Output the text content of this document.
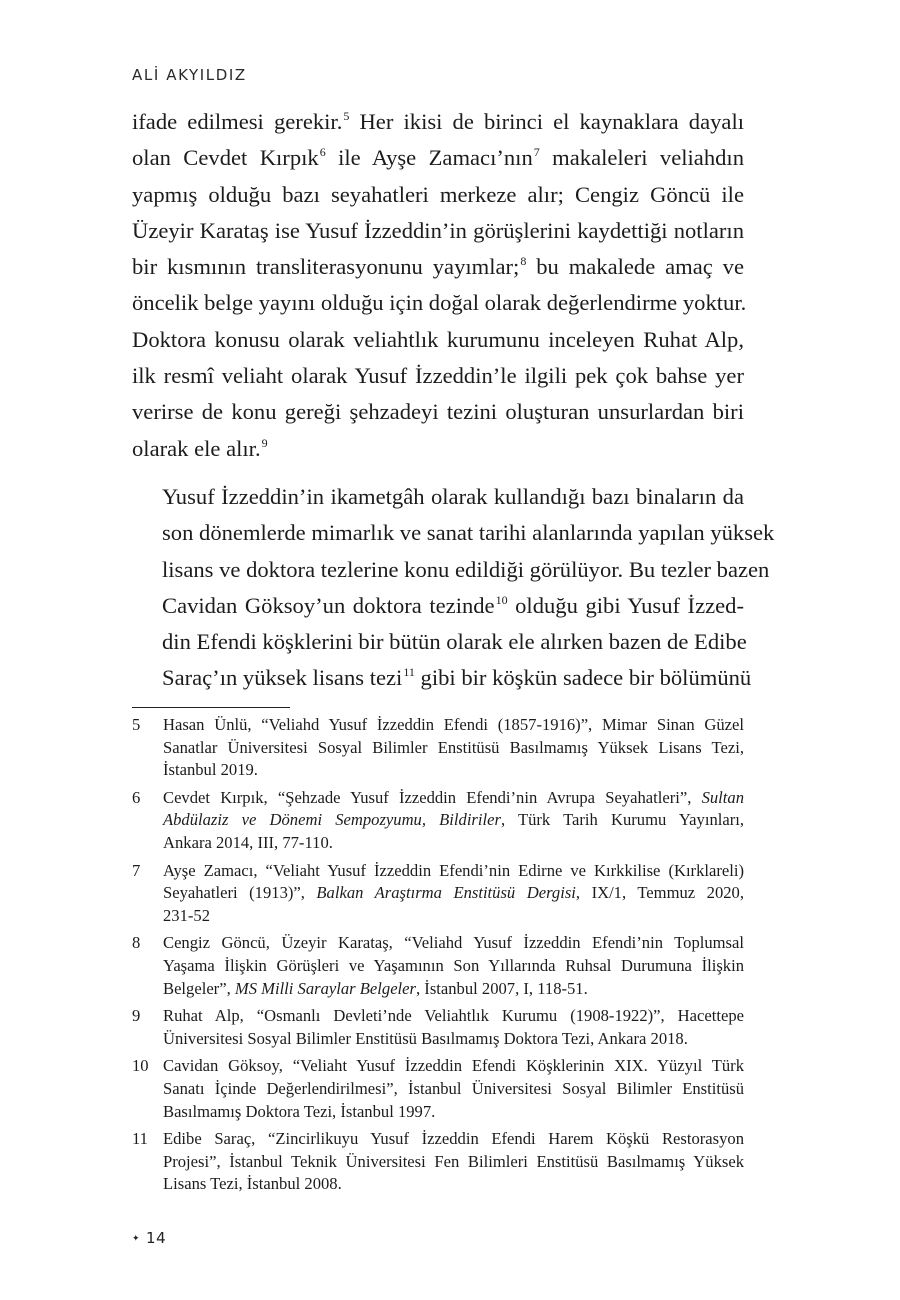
ALİ AKYILDIZ

ifade edilmesi gerekir.$^5$ Her ikisi de birinci el kaynaklara dayalı
olan Cevdet Kırpık$^6$ ile Ayşe Zamacı’nın$^7$ makaleleri veliahdın
yapmış olduğu bazı seyahatleri merkeze alır; Cengiz Göncü ile
Üzeyir Karataş ise Yusuf İzzeddin’in görüşlerini kaydettiği notların
bir kısmının transliterasyonunu yayımlar;$^8$ bu makalede amaç ve
öncelik belge yayını olduğu için doğal olarak değerlendirme yoktur.
Doktora konusu olarak veliahtlık kurumunu inceleyen Ruhat Alp,
ilk resmî veliaht olarak Yusuf İzzeddin’le ilgili pek çok bahse yer
verirse de konu gereği şehzadeyi tezini oluşturan unsurlardan biri
olarak ele alır.$^9$

Yusuf İzzeddin’in ikametgâh olarak kullandığı bazı binaların da
son dönemlerde mimarlık ve sanat tarihi alanlarında yapılan yüksek
lisans ve doktora tezlerine konu edildiği görülüyor. Bu tezler bazen
Cavidan Göksoy’un doktora tezinde$^{10}$ olduğu gibi Yusuf İzzed-
din Efendi köşklerini bir bütün olarak ele alırken bazen de Edibe
Saraç’ın yüksek lisans tezi$^{11}$ gibi bir köşkün sadece bir bölümünü

5 Hasan Ünlü, “Veliahd Yusuf İzzeddin Efendi (1857-1916)”, Mimar Sinan Güzel
Sanatlar Üniversitesi Sosyal Bilimler Enstitüsü Basılmamış Yüksek Lisans Tezi,
İstanbul 2019.
6 Cevdet Kırpık, “Şehzade Yusuf İzzeddin Efendi’nin Avrupa Seyahatleri”, Sultan
Abdülaziz ve Dönemi Sempozyumu, Bildiriler, Türk Tarih Kurumu Yayınları,
Ankara 2014, III, 77-110.
7 Ayşe Zamacı, “Veliaht Yusuf İzzeddin Efendi’nin Edirne ve Kırkkilise (Kırklareli)
Seyahatleri (1913)”, Balkan Araştırma Enstitüsü Dergisi, IX/1, Temmuz 2020,
231-52
8 Cengiz Göncü, Üzeyir Karataş, “Veliahd Yusuf İzzeddin Efendi’nin Toplumsal
Yaşama İlişkin Görüşleri ve Yaşamının Son Yıllarında Ruhsal Durumuna İlişkin
Belgeler”, MS Milli Saraylar Belgeler, İstanbul 2007, I, 118-51.
9 Ruhat Alp, “Osmanlı Devleti’nde Veliahtlık Kurumu (1908-1922)”, Hacettepe
Üniversitesi Sosyal Bilimler Enstitüsü Basılmamış Doktora Tezi, Ankara 2018.
10 Cavidan Göksoy, “Veliaht Yusuf İzzeddin Efendi Köşklerinin XIX. Yüzyıl Türk
Sanatı İçinde Değerlendirilmesi”, İstanbul Üniversitesi Sosyal Bilimler Enstitüsü
Basılmamış Doktora Tezi, İstanbul 1997.
11 Edibe Saraç, “Zincirlikuyu Yusuf İzzeddin Efendi Harem Köşkü Restorasyon
Projesi”, İstanbul Teknik Üniversitesi Fen Bilimleri Enstitüsü Basılmamış Yüksek
Lisans Tezi, İstanbul 2008.
✦ 14
